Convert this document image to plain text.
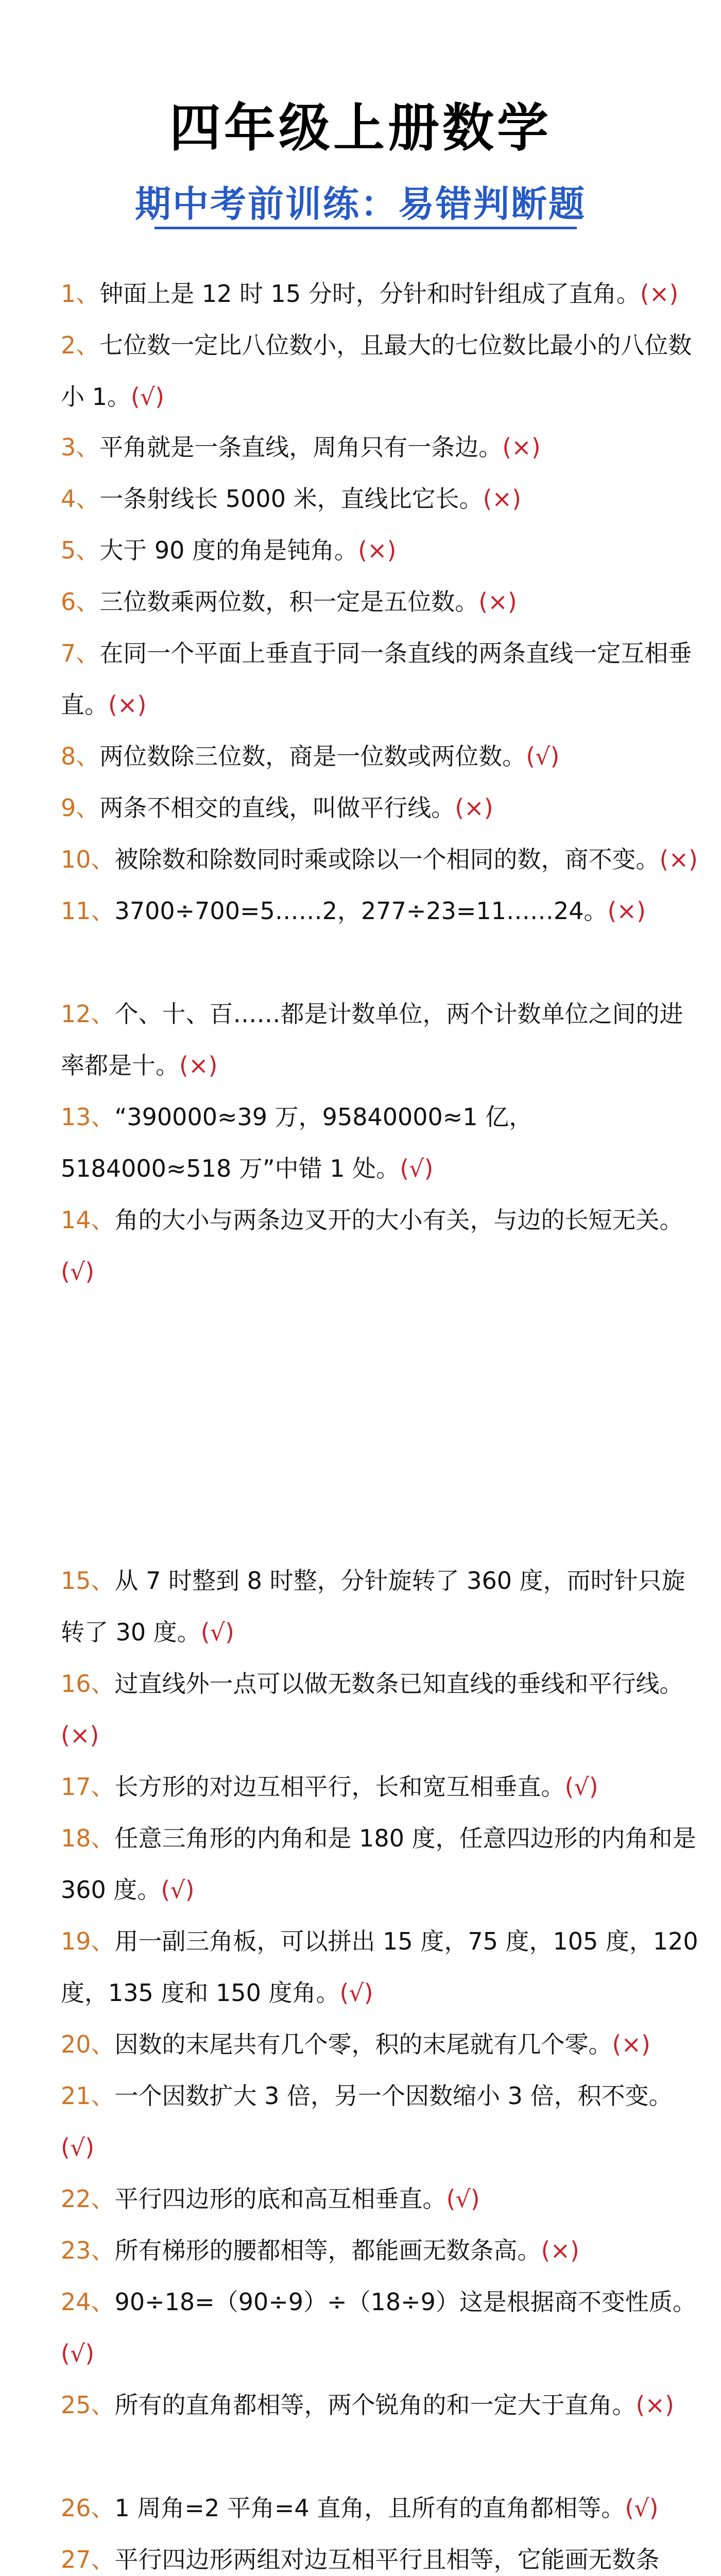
四年级上册数学
期中考前训练：易错判断题
1、钟面上是 12 时 15 分时，分针和时针组成了直角。(×)
2、七位数一定比八位数小，且最大的七位数比最小的八位数小 1。(√)
3、平角就是一条直线，周角只有一条边。(×)
4、一条射线长 5000 米，直线比它长。(×)
5、大于 90 度的角是钝角。(×)
6、三位数乘两位数，积一定是五位数。(×)
7、在同一个平面上垂直于同一条直线的两条直线一定互相垂直。(×)
8、两位数除三位数，商是一位数或两位数。(√)
9、两条不相交的直线，叫做平行线。(×)
10、被除数和除数同时乘或除以一个相同的数，商不变。(×) 11、3700÷700=5……2，277÷23=11……24。(×)
12、个、十、百……都是计数单位，两个计数单位之间的进率都是十。(×)
13、“390000≈39 万，95840000≈1 亿，5184000≈518 万”中错 1 处。(√)
14、角的大小与两条边叉开的大小有关，与边的长短无关。(√)
15、从 7 时整到 8 时整，分针旋转了 360 度，而时针只旋转了 30 度。(√)
16、过直线外一点可以做无数条已知直线的垂线和平行线。(×)
17、长方形的对边互相平行，长和宽互相垂直。(√)
18、任意三角形的内角和是 180 度，任意四边形的内角和是 360 度。(√)
19、用一副三角板，可以拼出 15 度，75 度，105 度，120 度，135 度和 150 度角。(√)
20、因数的末尾共有几个零，积的末尾就有几个零。(×)
21、一个因数扩大 3 倍，另一个因数缩小 3 倍，积不变。(√)
22、平行四边形的底和高互相垂直。(√)
23、所有梯形的腰都相等，都能画无数条高。(×)
24、90÷18=（90÷9）÷（18÷9）这是根据商不变性质。(√)
25、所有的直角都相等，两个锐角的和一定大于直角。(×)
26、1 周角=2 平角=4 直角，且所有的直角都相等。(√)
27、平行四边形两组对边互相平行且相等，它能画无数条
